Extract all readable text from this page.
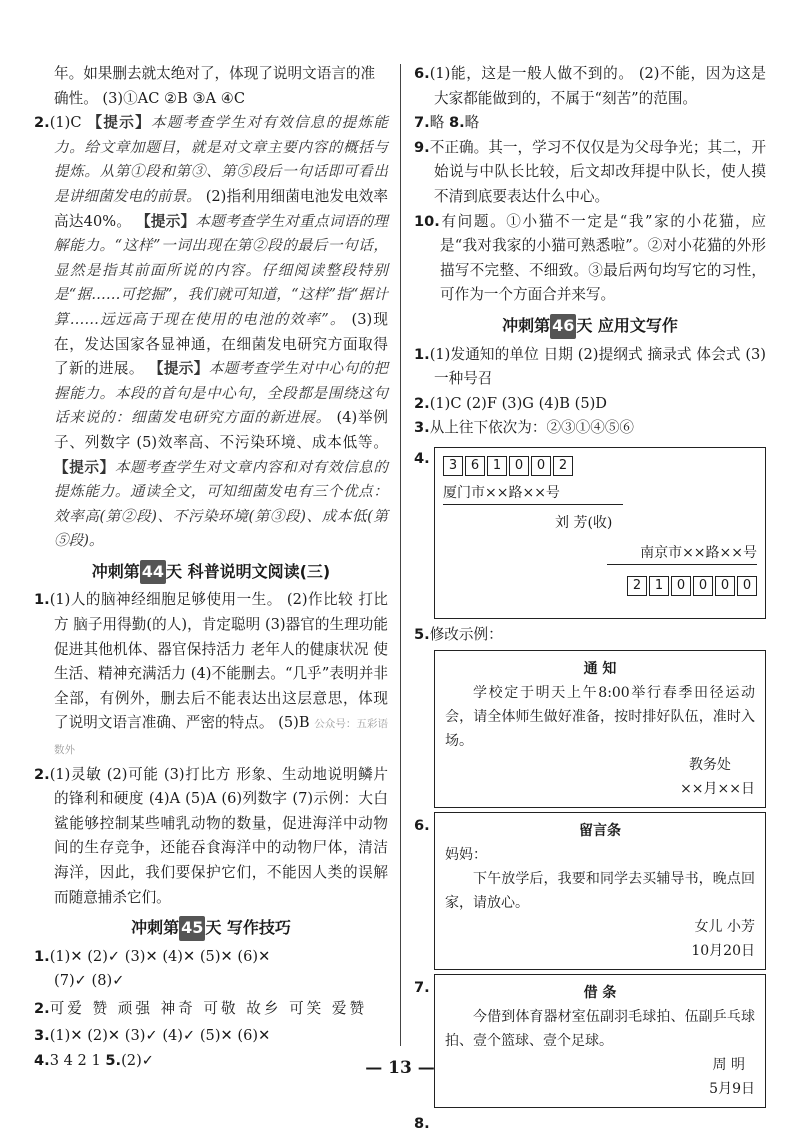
年。如果删去就太绝对了，体现了说明文语言的准
确性。 (3)①AC ②B ③A ④C

2.(1)C 【提示】本题考查学生对有效信息的提炼能力。给文章加题目，就是对文章主要内容的概括与提炼。从第①段和第③、第⑤段后一句话即可看出是讲细菌发电的前景。 (2)指利用细菌电池发电效率高达40%。 【提示】本题考查学生对重点词语的理解能力。“这样”一词出现在第②段的最后一句话，显然是指其前面所说的内容。仔细阅读整段特别是“据……可挖掘”，我们就可知道，“这样”指“据计算……远远高于现在使用的电池的效率”。 (3)现在，发达国家各显神通，在细菌发电研究方面取得了新的进展。 【提示】本题考查学生对中心句的把握能力。本段的首句是中心句，全段都是围绕这句话来说的：细菌发电研究方面的新进展。 (4)举例子、列数字 (5)效率高、不污染环境、成本低等。 【提示】本题考查学生对文章内容和对有效信息的提炼能力。通读全文，可知细菌发电有三个优点：效率高(第②段)、不污染环境(第③段)、成本低(第⑤段)。

冲刺第 44 天 科普说明文阅读(三)

1.(1)人的脑神经细胞足够使用一生。 (2)作比较 打比方 脑子用得勤(的人)，肯定聪明 (3)器官的生理功能 促进其他机体、器官保持活力 老年人的健康状况 使生活、精神充满活力 (4)不能删去。“几乎”表明并非全部，有例外，删去后不能表达出这层意思，体现了说明文语言准确、严密的特点。 (5)B 公众号：五彩语数外

2.(1)灵敏 (2)可能 (3)打比方 形象、生动地说明鳞片的锋利和硬度 (4)A (5)A (6)列数字 (7)示例：大白鲨能够控制某些哺乳动物的数量，促进海洋中动物间的生存竞争，还能吞食海洋中的动物尸体，清洁海洋，因此，我们要保护它们，不能因人类的误解而随意捕杀它们。

冲刺第 45 天 写作技巧

1.(1)✕ (2)✓ (3)✕ (4)✕ (5)✕ (6)✕
(7)✓ (8)✓

2.可爱 赞 顽强 神奇 可敬 故乡 可笑 爱赞

3.(1)✕ (2)✕ (3)✓ (4)✓ (5)✕ (6)✕

4.3 4 2 1 5.(2)✓

6.(1)能，这是一般人做不到的。 (2)不能，因为这是大家都能做到的，不属于“刻苦”的范围。

7.略 8.略

9.不正确。其一，学习不仅仅是为父母争光；其二，开始说与中队长比较，后文却改拜提中队长，使人摸不清到底要表达什么中心。

10.有问题。①小猫不一定是“我”家的小花猫，应是“我对我家的小猫可熟悉啦”。②对小花猫的外形描写不完整、不细致。③最后两句均写它的习性，可作为一个方面合并来写。

冲刺第 46 天 应用文写作

1.(1)发通知的单位 日期 (2)提纲式 摘录式 体会式 (3)一种号召

2.(1)C (2)F (3)G (4)B (5)D

3.从上往下依次为：②③①④⑤⑥

4.	3	6	1	0	0	2
厦门市××路××号
刘 芳(收)
南京市××路××号
2	1	0	0	0	0

5.修改示例：

通 知

学校定于明天上午8:00举行春季田径运动会，请全体师生做好准备，按时排好队伍，准时入场。

教务处

××月××日

6.	留言条

妈妈：

下午放学后，我要和同学去买辅导书，晚点回家，请放心。

女儿 小芳

10月20日

7.	借 条

今借到体育器材室伍副羽毛球拍、伍副乒乓球拍、壹个篮球、壹个足球。

周 明

5月9日

8.

— 13 —
